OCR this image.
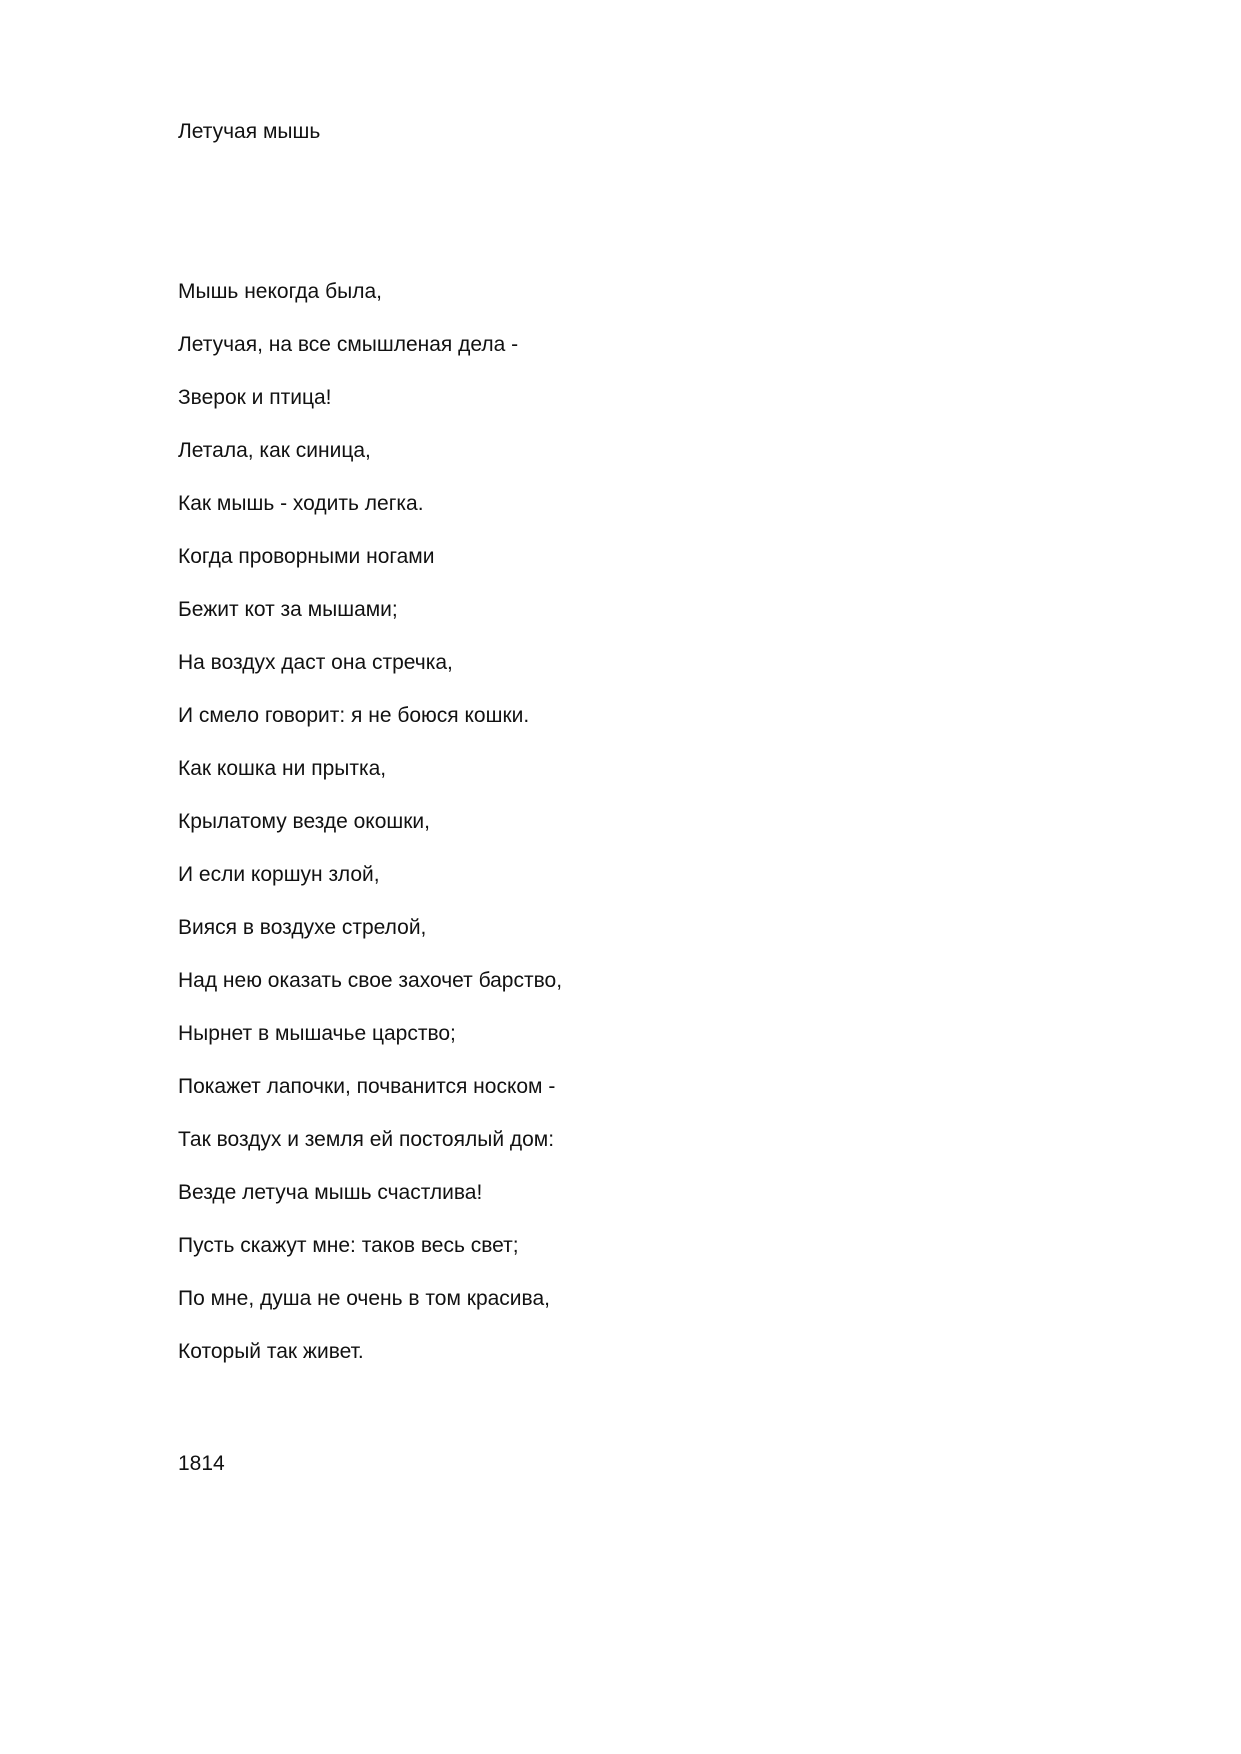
Летучая мышь
Мышь некогда была,
Летучая, на все смышленая дела -
Зверок и птица!
Летала, как синица,
Как мышь - ходить легка.
Когда проворными ногами
Бежит кот за мышами;
На воздух даст она стречка,
И смело говорит: я не боюся кошки.
Как кошка ни прытка,
Крылатому везде окошки,
И если коршун злой,
Вияся в воздухе стрелой,
Над нею оказать свое захочет барство,
Нырнет в мышачье царство;
Покажет лапочки, почванится носком -
Так воздух и земля ей постоялый дом:
Везде летуча мышь счастлива!
Пусть скажут мне: таков весь свет;
По мне, душа не очень в том красива,
Который так живет.
1814
